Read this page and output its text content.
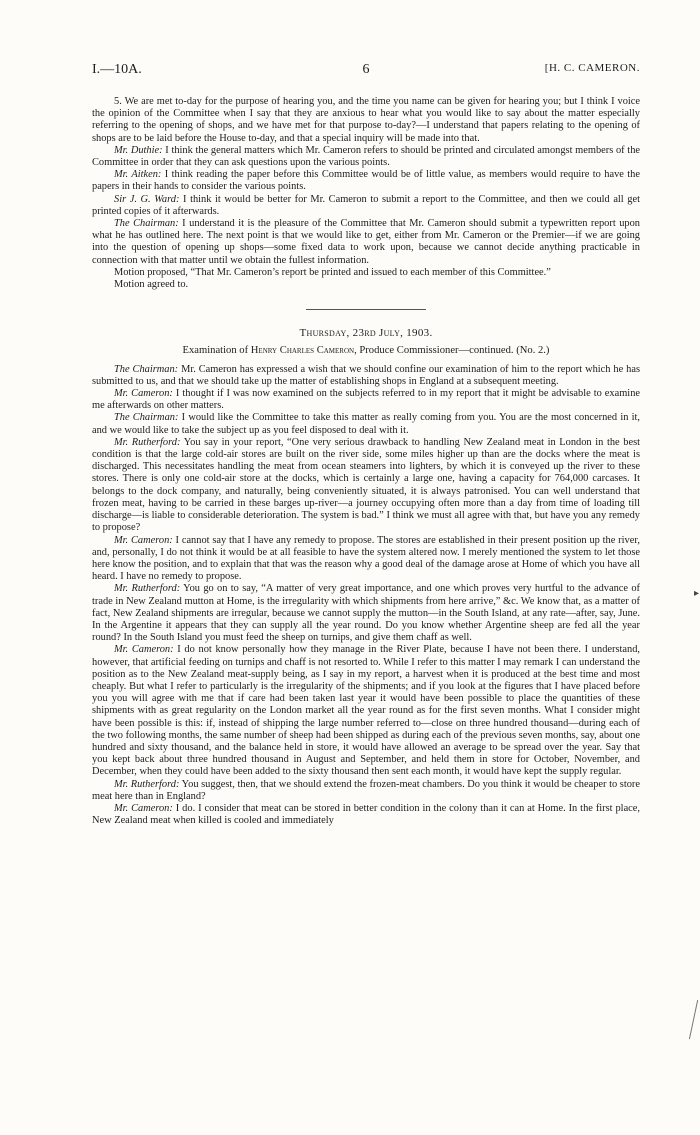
I.—10A.	6	[H. C. CAMERON.

5. We are met to-day for the purpose of hearing you, and the time you name can be given for hearing you; but I think I voice the opinion of the Committee when I say that they are anxious to hear what you would like to say about the matter especially referring to the opening of shops, and we have met for that purpose to-day?—I understand that papers relating to the opening of shops are to be laid before the House to-day, and that a special inquiry will be made into that.

Mr. Duthie: I think the general matters which Mr. Cameron refers to should be printed and circulated amongst members of the Committee in order that they can ask questions upon the various points.

Mr. Aitken: I think reading the paper before this Committee would be of little value, as members would require to have the papers in their hands to consider the various points.

Sir J. G. Ward: I think it would be better for Mr. Cameron to submit a report to the Committee, and then we could all get printed copies of it afterwards.

The Chairman: I understand it is the pleasure of the Committee that Mr. Cameron should submit a typewritten report upon what he has outlined here. The next point is that we would like to get, either from Mr. Cameron or the Premier—if we are going into the question of opening up shops—some fixed data to work upon, because we cannot decide anything practicable in connection with that matter until we obtain the fullest information.

Motion proposed, “That Mr. Cameron’s report be printed and issued to each member of this Committee.”

Motion agreed to.

Thursday, 23rd July, 1903.
Examination of Henry Charles Cameron, Produce Commissioner—continued. (No. 2.)

The Chairman: Mr. Cameron has expressed a wish that we should confine our examination of him to the report which he has submitted to us, and that we should take up the matter of establishing shops in England at a subsequent meeting.

Mr. Cameron: I thought if I was now examined on the subjects referred to in my report that it might be advisable to examine me afterwards on other matters.

The Chairman: I would like the Committee to take this matter as really coming from you. You are the most concerned in it, and we would like to take the subject up as you feel disposed to deal with it.

Mr. Rutherford: You say in your report, “One very serious drawback to handling New Zealand meat in London in the best condition is that the large cold-air stores are built on the river side, some miles higher up than are the docks where the meat is discharged. This necessitates handling the meat from ocean steamers into lighters, by which it is conveyed up the river to these stores. There is only one cold-air store at the docks, which is certainly a large one, having a capacity for 764,000 carcases. It belongs to the dock company, and naturally, being conveniently situated, it is always patronised. You can well understand that frozen meat, having to be carried in these barges up-river—a journey occupying often more than a day from time of loading till discharge—is liable to considerable deterioration. The system is bad.” I think we must all agree with that, but have you any remedy to propose?

Mr. Cameron: I cannot say that I have any remedy to propose. The stores are established in their present position up the river, and, personally, I do not think it would be at all feasible to have the system altered now. I merely mentioned the system to let those here know the position, and to explain that that was the reason why a good deal of the damage arose at Home of which you have all heard. I have no remedy to propose.

Mr. Rutherford: You go on to say, “A matter of very great importance, and one which proves very hurtful to the advance of trade in New Zealand mutton at Home, is the irregularity with which shipments from here arrive,” &c. We know that, as a matter of fact, New Zealand shipments are irregular, because we cannot supply the mutton—in the South Island, at any rate—after, say, June. In the Argentine it appears that they can supply all the year round. Do you know whether Argentine sheep are fed all the year round? In the South Island you must feed the sheep on turnips, and give them chaff as well.

Mr. Cameron: I do not know personally how they manage in the River Plate, because I have not been there. I understand, however, that artificial feeding on turnips and chaff is not resorted to. While I refer to this matter I may remark I can understand the position as to the New Zealand meat-supply being, as I say in my report, a harvest when it is produced at the best time and most cheaply. But what I refer to particularly is the irregularity of the shipments; and if you look at the figures that I have placed before you you will agree with me that if care had been taken last year it would have been possible to place the quantities of these shipments with as great regularity on the London market all the year round as for the first seven months. What I consider might have been possible is this: if, instead of shipping the large number referred to—close on three hundred thousand—during each of the two following months, the same number of sheep had been shipped as during each of the previous seven months, say, about one hundred and sixty thousand, and the balance held in store, it would have allowed an average to be spread over the year. Say that you kept back about three hundred thousand in August and September, and held them in store for October, November, and December, when they could have been added to the sixty thousand then sent each month, it would have kept the supply regular.

Mr. Rutherford: You suggest, then, that we should extend the frozen-meat chambers. Do you think it would be cheaper to store meat here than in England?

Mr. Cameron: I do. I consider that meat can be stored in better condition in the colony than it can at Home. In the first place, New Zealand meat when killed is cooled and immediately

▸
